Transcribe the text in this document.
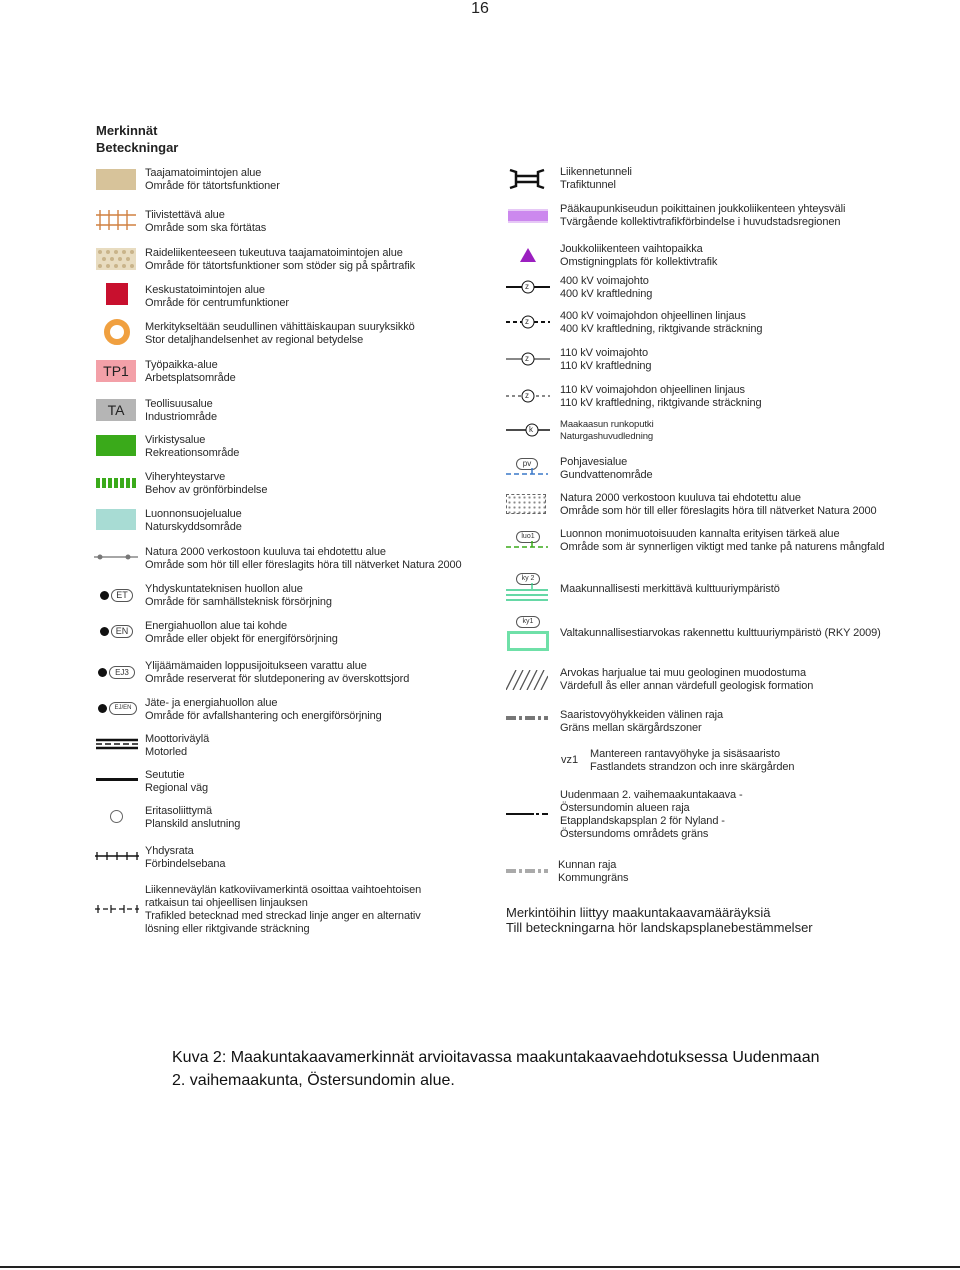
16
Merkinnät
Beteckningar
Taajamatoimintojen alue
Område för tätortsfunktioner
Tiivistettävä alue
Område som ska förtätas
Raideliikenteeseen tukeutuva taajamatoimintojen alue
Område för tätortsfunktioner som stöder sig på spårtrafik
Keskustatoimintojen alue
Område för centrumfunktioner
Merkitykseltään seudullinen vähittäiskaupan suuryksikkö
Stor detaljhandelsenhet av regional betydelse
TP1	Työpaikka-alue
Arbetsplatsområde
TA	Teollisuusalue
Industriområde
Virkistysalue
Rekreationsområde
Viheryhteystarve
Behov av grönförbindelse
Luonnonsuojelualue
Naturskyddsområde
Natura 2000 verkostoon kuuluva tai ehdotettu alue
Område som hör till eller föreslagits höra till nätverket Natura 2000
ET	Yhdyskuntateknisen huollon alue
Område för samhällsteknisk försörjning
EN	Energiahuollon alue tai kohde
Område eller objekt för energiförsörjning
EJ3
Ylijäämämaiden loppusijoitukseen varattu alue
Område reserverat för slutdeponering av överskottsjord
EJ/EN	Jäte- ja energiahuollon alue
Område för avfallshantering och energiförsörjning
Moottoriväylä
Motorled
Seututie
Regional väg
Eritasoliittymä
Planskild anslutning
Yhdysrata
Förbindelsebana
Liikenneväylän katkoviivamerkintä osoittaa vaihtoehtoisen
ratkaisun tai ohjeellisen linjauksen
Trafikled betecknad med streckad linje anger en alternativ
lösning eller riktgivande sträckning
Liikennetunneli
Trafiktunnel
Pääkaupunkiseudun poikittainen joukkoliikenteen yhteysväli
Tvärgående kollektivtrafikförbindelse i huvudstadsregionen
Joukkoliikenteen vaihtopaikka
Omstigningplats för kollektivtrafik
z	400 kV voimajohto
400 kV kraftledning
z	400 kV voimajohdon ohjeellinen linjaus
400 kV kraftledning, riktgivande sträckning
z	110 kV voimajohto
110 kV kraftledning
z	110 kV voimajohdon ohjeellinen linjaus
110 kV kraftledning, riktgivande sträckning
k	Maakaasun runkoputki
Naturgashuvudledning
pv	Pohjavesialue
Gundvattenområde
Natura 2000 verkostoon kuuluva tai ehdotettu alue
Område som hör till eller föreslagits höra till nätverket Natura 2000
luo1	Luonnon monimuotoisuuden kannalta erityisen tärkeä alue
Område som är synnerligen viktigt med tanke på naturens mångfald
ky 2
Maakunnallisesti merkittävä kulttuuriympäristö
ky1
Valtakunnallisestiarvokas rakennettu kulttuuriympäristö (RKY 2009)
Arvokas harjualue tai muu geologinen muodostuma
Värdefull ås eller annan värdefull geologisk formation
Saaristovyöhykkeiden välinen raja
Gräns mellan skärgårdszoner
vz1 Mantereen rantavyöhyke ja sisäsaaristo
Fastlandets strandzon och inre skärgården
Uudenmaan 2. vaihemaakuntakaava -
Östersundomin alueen raja
Etapplandskapsplan 2 för Nyland -
Östersundoms områdets gräns
Kunnan raja
Kommungräns
Merkintöihin liittyy maakuntakaavamääräyksiä
Till beteckningarna hör landskapsplanebestämmelser
Kuva 2: Maakuntakaavamerkinnät arvioitavassa maakuntakaavaehdotuksessa Uudenmaan
2. vaihemaakunta, Östersundomin alue.
